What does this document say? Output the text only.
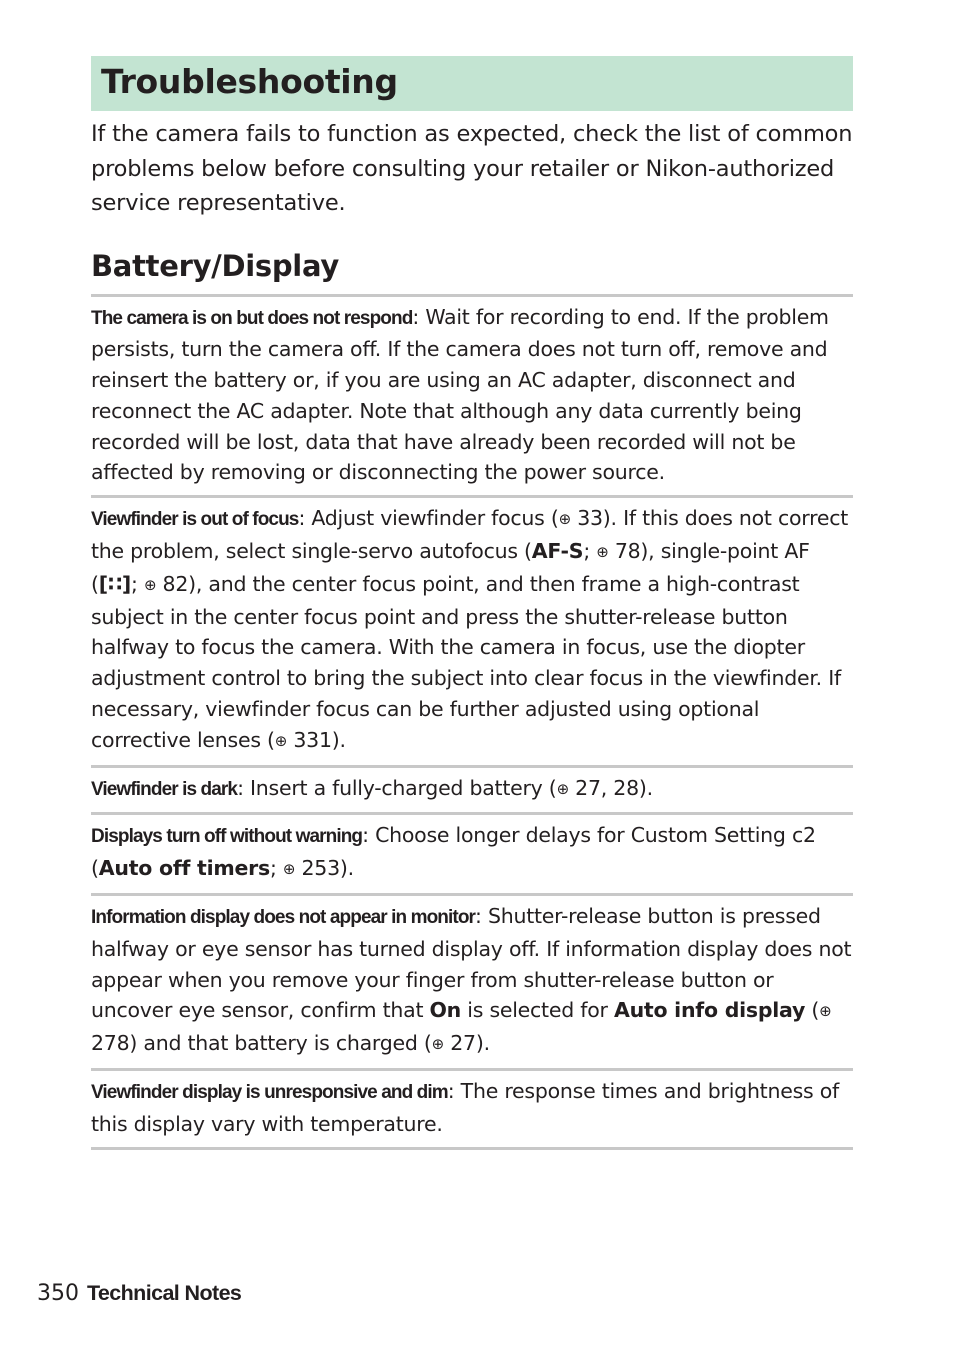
Troubleshooting

If the camera fails to function as expected, check the list of common problems below before consulting your retailer or Nikon-authorized service representative.

Battery/Display
The camera is on but does not respond: Wait for recording to end. If the problem persists, turn the camera off. If the camera does not turn off, remove and reinsert the battery or, if you are using an AC adapter, disconnect and reconnect the AC adapter. Note that although any data currently being recorded will be lost, data that have already been recorded will not be affected by removing or disconnecting the power source.
Viewfinder is out of focus: Adjust viewfinder focus (⊕ 33). If this does not correct the problem, select single-servo autofocus (AF-S; ⊕ 78), single-point AF ([∷]; ⊕ 82), and the center focus point, and then frame a high-contrast subject in the center focus point and press the shutter-release button halfway to focus the camera. With the camera in focus, use the diopter adjustment control to bring the subject into clear focus in the viewfinder. If necessary, viewfinder focus can be further adjusted using optional corrective lenses (⊕ 331).
Viewfinder is dark: Insert a fully-charged battery (⊕ 27, 28).
Displays turn off without warning: Choose longer delays for Custom Setting c2 (Auto off timers; ⊕ 253).
Information display does not appear in monitor: Shutter-release button is pressed halfway or eye sensor has turned display off. If information display does not appear when you remove your finger from shutter-release button or uncover eye sensor, confirm that On is selected for Auto info display (⊕ 278) and that battery is charged (⊕ 27).
Viewfinder display is unresponsive and dim: The response times and brightness of this display vary with temperature.
350 Technical Notes
